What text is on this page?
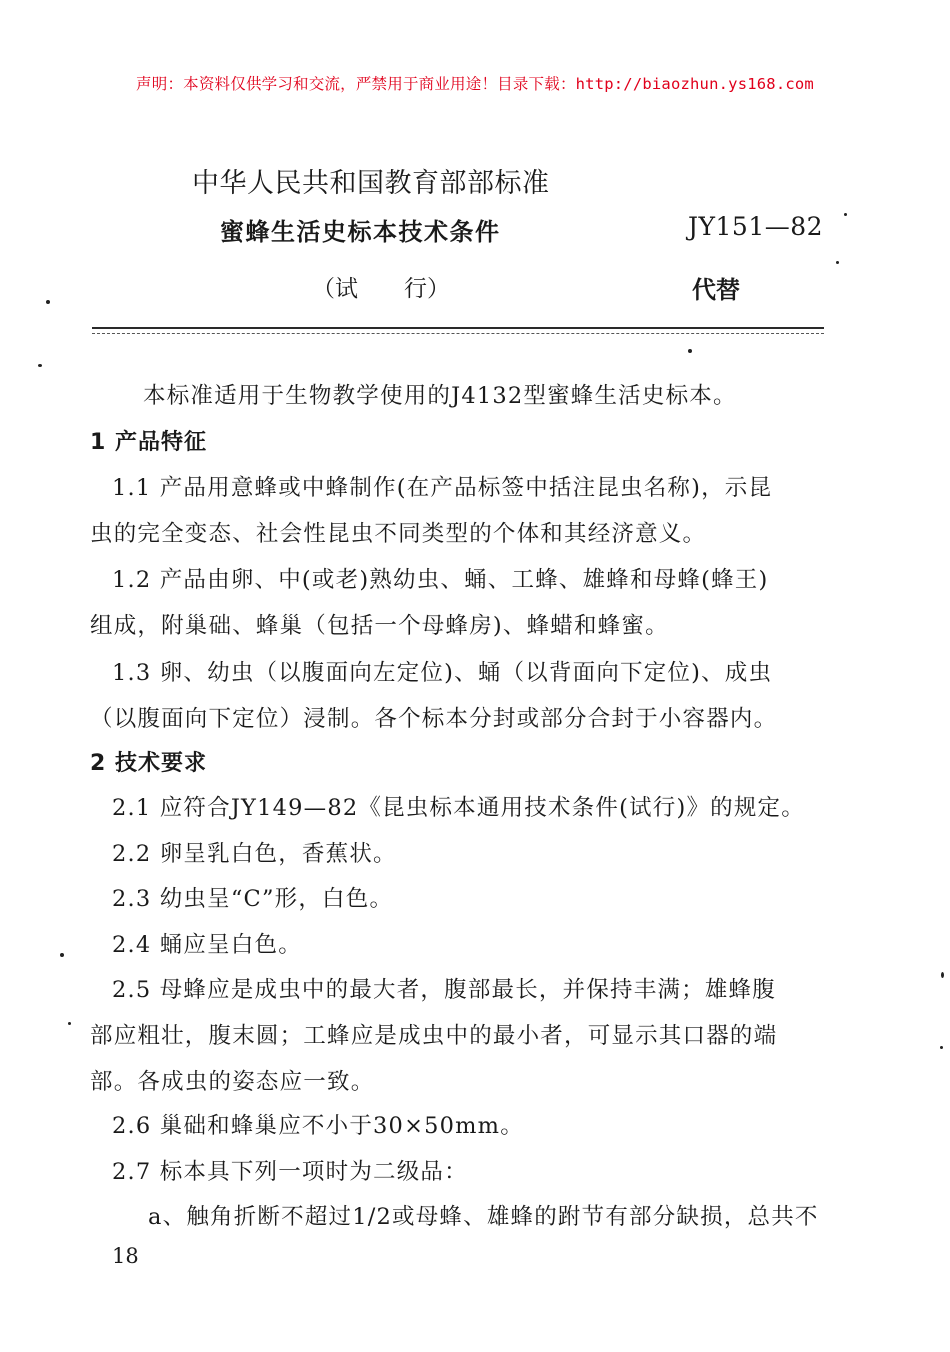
声明：本资料仅供学习和交流，严禁用于商业用途！目录下载：http://biaozhun.ys168.com
中华人民共和国教育部部标准
蜜蜂生活史标本技术条件	JY151—82
（试　　行）	代替
本标准适用于生物教学使用的J4132型蜜蜂生活史标本。
1 产品特征
1.1 产品用意蜂或中蜂制作(在产品标签中括注昆虫名称)，示昆
虫的完全变态、社会性昆虫不同类型的个体和其经济意义。
1.2 产品由卵、中(或老)熟幼虫、蛹、工蜂、雄蜂和母蜂(蜂王)
组成，附巢础、蜂巢（包括一个母蜂房)、蜂蜡和蜂蜜。
1.3 卵、幼虫（以腹面向左定位)、蛹（以背面向下定位)、成虫
（以腹面向下定位）浸制。各个标本分封或部分合封于小容器内。
2 技术要求
2.1 应符合JY149—82《昆虫标本通用技术条件(试行)》的规定。
2.2 卵呈乳白色，香蕉状。
2.3 幼虫呈“C”形，白色。
2.4 蛹应呈白色。
2.5 母蜂应是成虫中的最大者，腹部最长，并保持丰满；雄蜂腹
部应粗壮，腹末圆；工蜂应是成虫中的最小者，可显示其口器的端
部。各成虫的姿态应一致。
2.6 巢础和蜂巢应不小于30×50mm。
2.7 标本具下列一项时为二级品：
a、触角折断不超过1/2或母蜂、雄蜂的跗节有部分缺损，总共不
18
